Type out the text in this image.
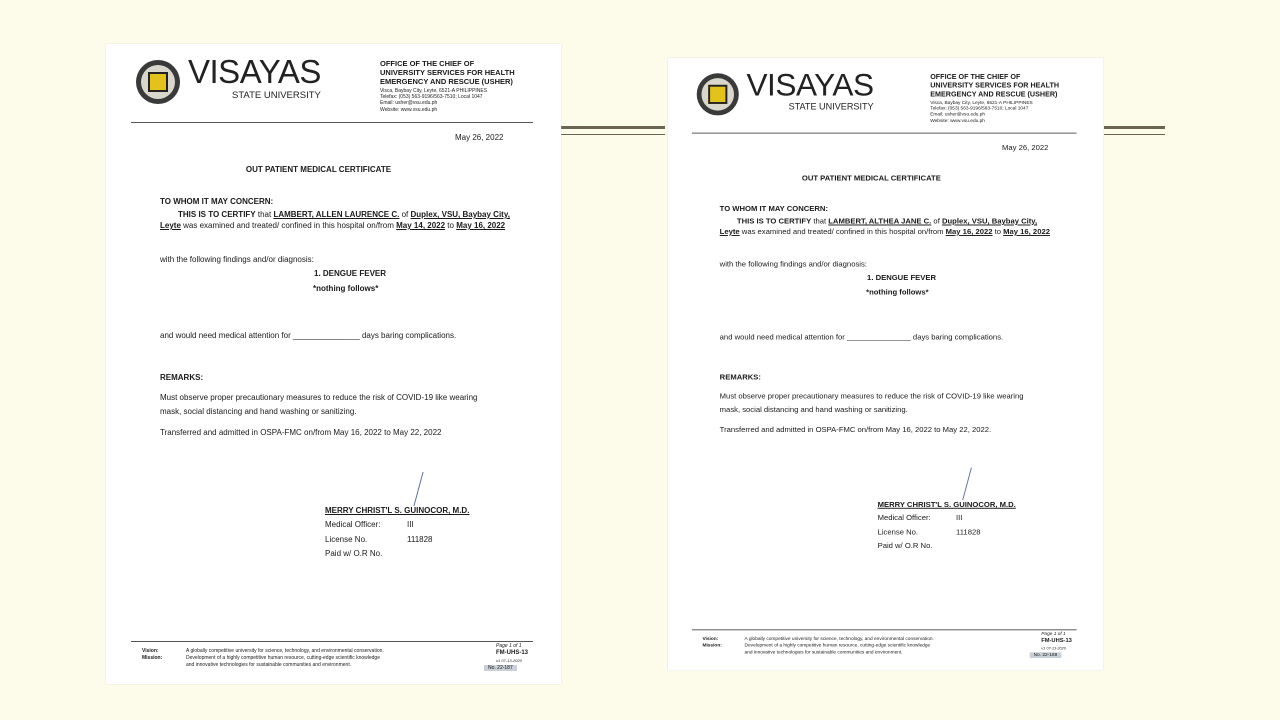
VISAYAS
STATE UNIVERSITY
OFFICE OF THE CHIEF OF
UNIVERSITY SERVICES FOR HEALTH
EMERGENCY AND RESCUE (USHER)
Visca, Baybay City, Leyte, 6521-A PHILIPPINES
Telefax: (053) 563-9196/563-7510; Local 1047
Email: usher@vsu.edu.ph
Website: www.vsu.edu.ph
May 26, 2022
OUT PATIENT MEDICAL CERTIFICATE
TO WHOM IT MAY CONCERN:
THIS IS TO CERTIFY that LAMBERT, ALLEN LAURENCE C. of Duplex, VSU, Baybay City, Leyte was examined and treated/ confined in this hospital on/from May 14, 2022 to May 16, 2022
with the following findings and/or diagnosis:
1. DENGUE FEVER
*nothing follows*
and would need medical attention for _______________ days baring complications.
REMARKS:
Must observe proper precautionary measures to reduce the risk of COVID-19 like wearing
mask, social distancing and hand washing or sanitizing.
Transferred and admitted in OSPA-FMC on/from May 16, 2022 to May 22, 2022
MERRY CHRIST'L S. GUINOCOR, M.D.
Medical Officer:	III
License No.	111828
Paid w/ O.R No.
Vision:
Mission:
A globally competitive university for science, technology, and environmental conservation.
Development of a highly competitive human resource, cutting-edge scientific knowledge
and innovative technologies for sustainable communities and environment.
Page 1 of 1
FM-UHS-13
v1 07-13-2020
No. 22-187
VISAYAS
STATE UNIVERSITY
OFFICE OF THE CHIEF OF
UNIVERSITY SERVICES FOR HEALTH
EMERGENCY AND RESCUE (USHER)
Visca, Baybay City, Leyte, 6521-A PHILIPPINES
Telefax: (053) 563-9196/563-7510; Local 1047
Email: usher@vsu.edu.ph
Website: www.vsu.edu.ph
May 26, 2022
OUT PATIENT MEDICAL CERTIFICATE
TO WHOM IT MAY CONCERN:
THIS IS TO CERTIFY that LAMBERT, ALTHEA JANE C. of Duplex, VSU, Baybay City, Leyte was examined and treated/ confined in this hospital on/from May 16, 2022 to May 16, 2022
with the following findings and/or diagnosis:
1. DENGUE FEVER
*nothing follows*
and would need medical attention for _______________ days baring complications.
REMARKS:
Must observe proper precautionary measures to reduce the risk of COVID-19 like wearing
mask, social distancing and hand washing or sanitizing.
Transferred and admitted in OSPA-FMC on/from May 16, 2022 to May 22, 2022.
MERRY CHRIST'L S. GUINOCOR, M.D.
Medical Officer:	III
License No.	111828
Paid w/ O.R No.
Vision:
Mission:
A globally competitive university for science, technology, and environmental conservation.
Development of a highly competitive human resource, cutting-edge scientific knowledge
and innovative technologies for sustainable communities and environment.
Page 1 of 1
FM-UHS-13
v1 07-13-2020
No. 22-188
